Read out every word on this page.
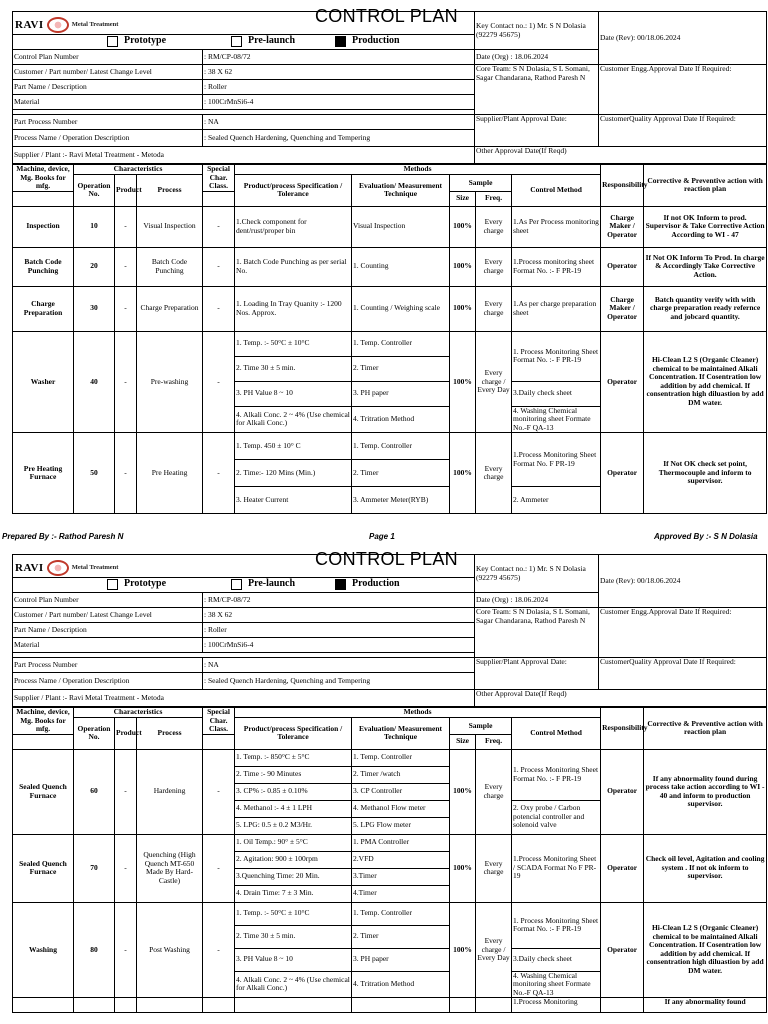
RAVI Metal Treatment CONTROL PLAN		Key Contact no.: 1) Mr. S N Dolasia (92279 45675)	Date (Rev): 00/18.06.2024

Prototype Pre-launch Production			

Control Plan Number	: RM/CP-08/72	Date (Org) : 18.06.2024	
Customer / Part number/ Latest Change Level	: 38 X 62	Core Team: S N Dolasia, S L Somani, Sagar Chandarana, Rathod Paresh N	Customer Engg.Approval Date If Required:
Part Name / Description	: Roller		
Material	: 100CrMnSi6-4		

Part Process Number	: NA	Supplier/Plant Approval Date:	CustomerQuality Approval Date If Required:
Process Name / Operation Description	: Sealed Quench Hardening, Quenching and Tempering		
Supplier / Plant :- Ravi Metal Treatment - Metoda		Other Approval Date(If Reqd)	
Machine, device, Mg. Books for mfg.	Characteristics			Special Char. Class.	Methods					Responsibility	Corrective & Preventive action with reaction plan
	Operation No.	Product	Process		Product/process Specification / Tolerance	Evaluation/ Measurement Technique	Sample		Control Method		
							Size	Freq.			
Inspection	10	-	Visual Inspection	-	1.Check component for dent/rust/proper bin	Visual Inspection	100%	Every charge	1.As Per Process monitoring sheet	Charge Maker / Operator	If not OK Inform to prod. Supervisor & Take Corrective Action According to WI - 47
Batch Code Punching	20	-	Batch Code Punching	-	1. Batch Code Punching as per serial No.	1. Counting	100%	Every charge	1.Process monitoring sheet Format No. :- F PR-19	Operator	If Not OK Inform To Prod. In charge & Accordingly Take Corrective Action.
Charge Preparation	30	-	Charge Preparation	-	1. Loading In Tray Quanity :- 1200 Nos. Approx.	1. Counting / Weighing scale	100%	Every charge	1.As per charge preparation sheet	Charge Maker / Operator	Batch quantity verify with with charge preparation ready refernce and jobcard quantity.
Washer	40	-	Pre-washing	-	1. Temp. :- 50°C ± 10°C	1. Temp. Controller	100%	Every charge / Every Day	1. Process Monitoring Sheet Format No. :- F PR-19	Operator	Hi-Clean L2 S (Organic Cleaner) chemical to be maintained Alkali Concentration. If Cosentration low addition by add chemical. If consentration high diluastion by add DM water.
					2. Time 30 ± 5 min.	2. Timer					
					3. PH Value 8 ~ 10	3. PH paper			3.Daily check sheet		
					4. Alkali Conc. 2 ~ 4% (Use chemical for Alkali Conc.)	4. Tritration Method			4. Washing Chemical monitoring sheet Formate No.-F QA-13		
Pre Heating Furnace	50	-	Pre Heating	-	1. Temp. 450 ± 10° C	1. Temp. Controller	100%	Every charge	1.Process Monitoring Sheet Format No. F PR-19	Operator	If Not OK check set point, Thermocouple and inform to supervisor.
					2. Time:- 120 Mins (Min.)	2. Timer					
					3. Heater Current	3. Ammeter Meter(RYB)			2. Ammeter		
Prepared By :- Rathod Paresh N	Page 1	Approved By :- S N Dolasia
RAVI Metal Treatment CONTROL PLAN		Key Contact no.: 1) Mr. S N Dolasia (92279 45675)	Date (Rev): 00/18.06.2024

Prototype Pre-launch Production			

Control Plan Number	: RM/CP-08/72	Date (Org) : 18.06.2024	
Customer / Part number/ Latest Change Level	: 38 X 62	Core Team: S N Dolasia, S L Somani, Sagar Chandarana, Rathod Paresh N	Customer Engg.Approval Date If Required:
Part Name / Description	: Roller		
Material	: 100CrMnSi6-4		

Part Process Number	: NA	Supplier/Plant Approval Date:	CustomerQuality Approval Date If Required:
Process Name / Operation Description	: Sealed Quench Hardening, Quenching and Tempering		
Supplier / Plant :- Ravi Metal Treatment - Metoda		Other Approval Date(If Reqd)	
Machine, device, Mg. Books for mfg.	Characteristics			Special Char. Class.	Methods					Responsibility	Corrective & Preventive action with reaction plan
	Operation No.	Product	Process		Product/process Specification / Tolerance	Evaluation/ Measurement Technique	Sample		Control Method		
							Size	Freq.			
Sealed Quench Furnace	60	-	Hardening	-	1. Temp. :- 850°C ± 5°C	1. Temp. Controller	100%	Every charge	1. Process Monitoring Sheet Format No. :- F PR-19	Operator	If any abnormality found during process take action according to WI - 40 and inform to production supervisor.
					2. Time :- 90 Minutes	2. Timer /watch					
					3. CP% :- 0.85 ± 0.10%	3. CP Controller					
					4. Methanol :- 4 ± 1 LPH	4. Methanol Flow meter			2. Oxy probe / Carbon potencial controller and solenoid valve		
					5. LPG: 0.5 ± 0.2 M3/Hr.	5. LPG Flow meter					
Sealed Quench Furnace	70	-	Quenching (High Quench MT-650 Made By Hard-Castle)	-	1. Oil Temp.: 90° ± 5°C	1. PMA Controller	100%	Every charge	1.Process Monitoring Sheet / SCADA Format No F PR-19	Operator	Check oil level, Agitation and cooling system . If not ok inform to supervisor.
					2. Agitation: 900 ± 100rpm	2.VFD					
					3.Quenching Time: 20 Min.	3.Timer					
					4. Drain Time: 7 ± 3 Min.	4.Timer					
Washing	80	-	Post Washing	-	1. Temp. :- 50°C ± 10°C	1. Temp. Controller	100%	Every charge / Every Day	1. Process Monitoring Sheet Format No. :- F PR-19	Operator	Hi-Clean L2 S (Organic Cleaner) chemical to be maintained Alkali Concentration. If Cosentration low addition by add chemical. If consentration high diluastion by add DM water.
					2. Time 30 ± 5 min.	2. Timer					
					3. PH Value 8 ~ 10	3. PH paper			3.Daily check sheet		
					4. Alkali Conc. 2 ~ 4% (Use chemical for Alkali Conc.)	4. Tritration Method			4. Washing Chemical monitoring sheet Formate No.-F QA-13		
									1.Process Monitoring		If any abnormality found
